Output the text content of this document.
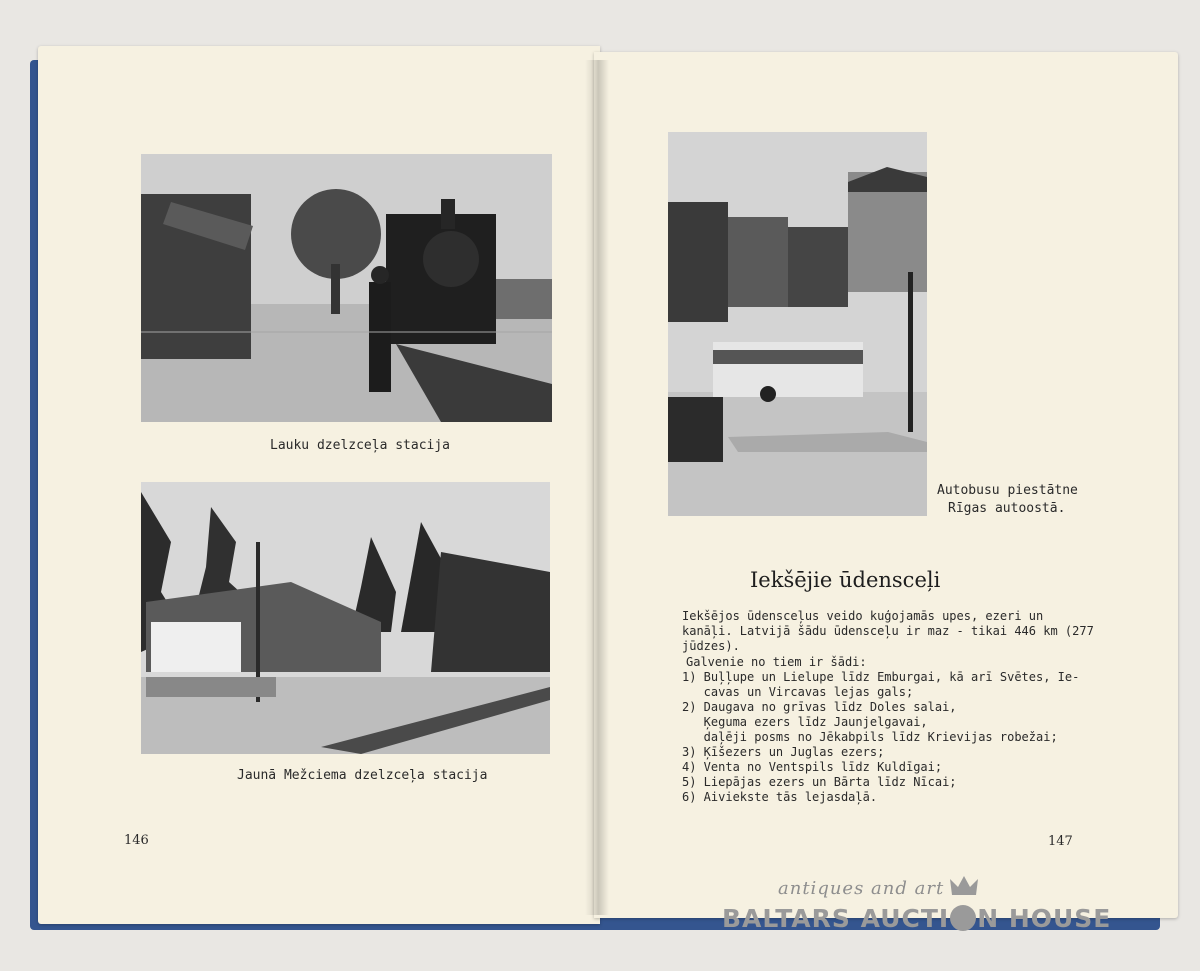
Lauku dzelzceļa stacija
Jaunā Mežciema dzelzceļa stacija
146
Autobusu piestātne
Rīgas autoostā.
Iekšējie ūdensceļi
Iekšējos ūdensceļus veido kuģojamās upes, ezeri un
kanāļi. Latvijā šādu ūdensceļu ir maz - tikai 446 km (277
jūdzes).
Galvenie no tiem ir šādi:
1) Buļļupe un Lielupe līdz Emburgai, kā arī Svētes, Ie-
cavas un Vircavas lejas gals;
2) Daugava no grīvas līdz Doles salai,
Ķeguma ezers līdz Jaunjelgavai,
daļēji posms no Jēkabpils līdz Krievijas robežai;
3) Ķīšezers un Juglas ezers;
4) Venta no Ventspils līdz Kuldīgai;
5) Liepājas ezers un Bārta līdz Nīcai;
6) Aiviekste tās lejasdaļā.
147
antiques and art
BALTARS AUCTI N HOUSE
